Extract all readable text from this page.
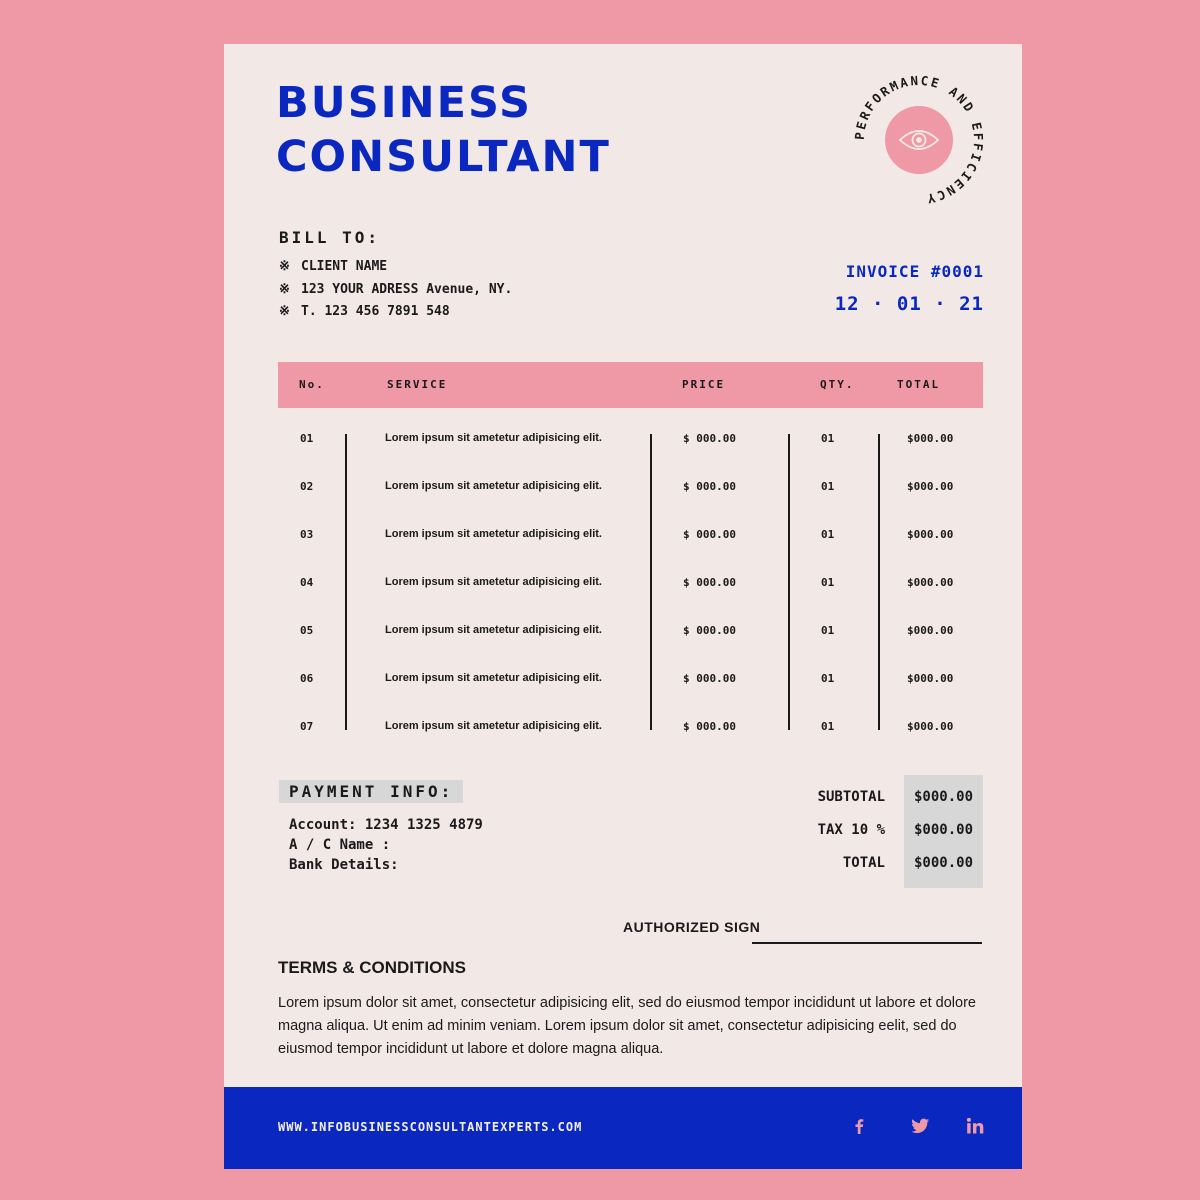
BUSINESS
CONSULTANT	PERFORMANCE AND EFFICIENCY
BILL TO:
※ CLIENT NAME
※ 123 YOUR ADRESS Avenue, NY.
※ T. 123 456 7891 548
INVOICE #0001
12 · 01 · 21
No.	SERVICE	PRICE	QTY.	TOTAL
01	Lorem ipsum sit ametetur adipisicing elit.	$ 000.00	01	$000.00
02	Lorem ipsum sit ametetur adipisicing elit.	$ 000.00	01	$000.00
03	Lorem ipsum sit ametetur adipisicing elit.	$ 000.00	01	$000.00
04	Lorem ipsum sit ametetur adipisicing elit.	$ 000.00	01	$000.00
05	Lorem ipsum sit ametetur adipisicing elit.	$ 000.00	01	$000.00
06	Lorem ipsum sit ametetur adipisicing elit.	$ 000.00	01	$000.00
07	Lorem ipsum sit ametetur adipisicing elit.	$ 000.00	01	$000.00
PAYMENT INFO:
Account: 1234 1325 4879
A / C Name :
Bank Details:
SUBTOTAL $000.00
TAX 10 % $000.00
TOTAL $000.00
AUTHORIZED SIGN
TERMS & CONDITIONS
Lorem ipsum dolor sit amet, consectetur adipisicing elit, sed do eiusmod tempor incididunt ut labore et dolore magna aliqua. Ut enim ad minim veniam. Lorem ipsum dolor sit amet, consectetur adipisicing eelit, sed do eiusmod tempor incididunt ut labore et dolore magna aliqua.
WWW.INFOBUSINESSCONSULTANTEXPERTS.COM
